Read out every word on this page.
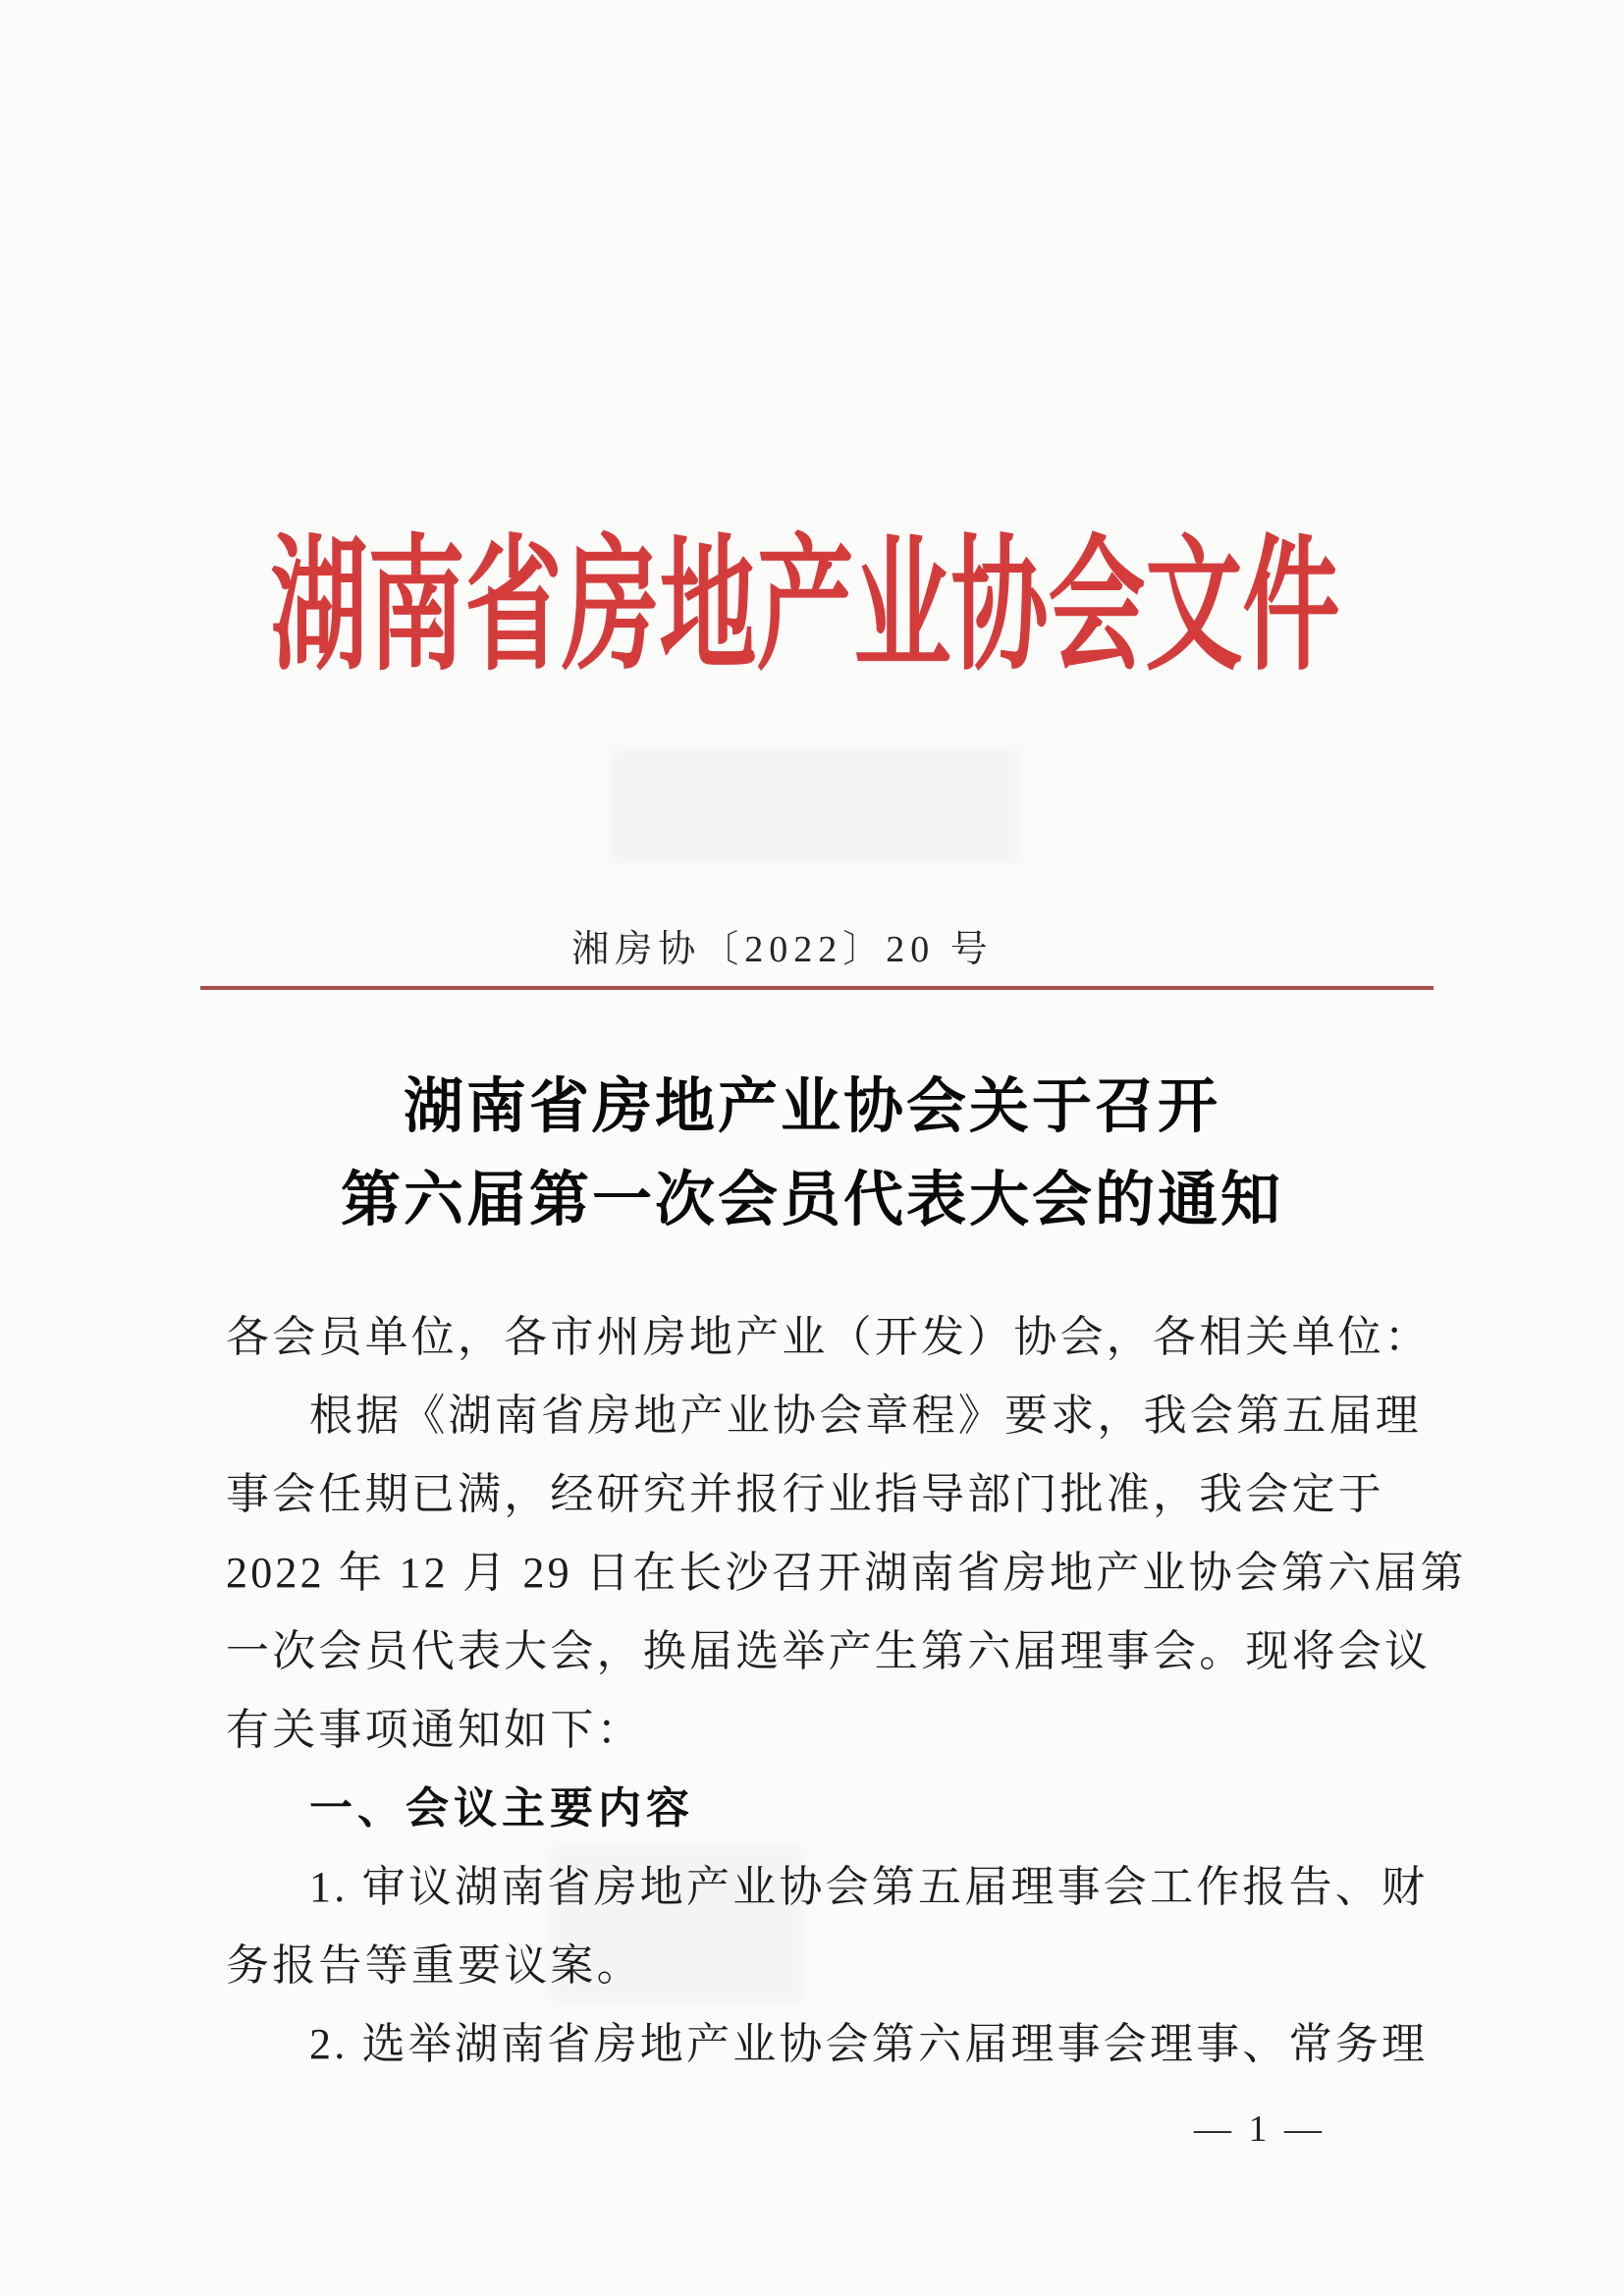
湖南省房地产业协会文件
湘房协〔2022〕20 号
湖南省房地产业协会关于召开
第六届第一次会员代表大会的通知
各会员单位，各市州房地产业（开发）协会，各相关单位：
根据《湖南省房地产业协会章程》要求，我会第五届理
事会任期已满，经研究并报行业指导部门批准，我会定于
2022 年 12 月 29 日在长沙召开湖南省房地产业协会第六届第
一次会员代表大会，换届选举产生第六届理事会。现将会议
有关事项通知如下：
一、会议主要内容
1. 审议湖南省房地产业协会第五届理事会工作报告、财
务报告等重要议案。
2. 选举湖南省房地产业协会第六届理事会理事、常务理
— 1 —
